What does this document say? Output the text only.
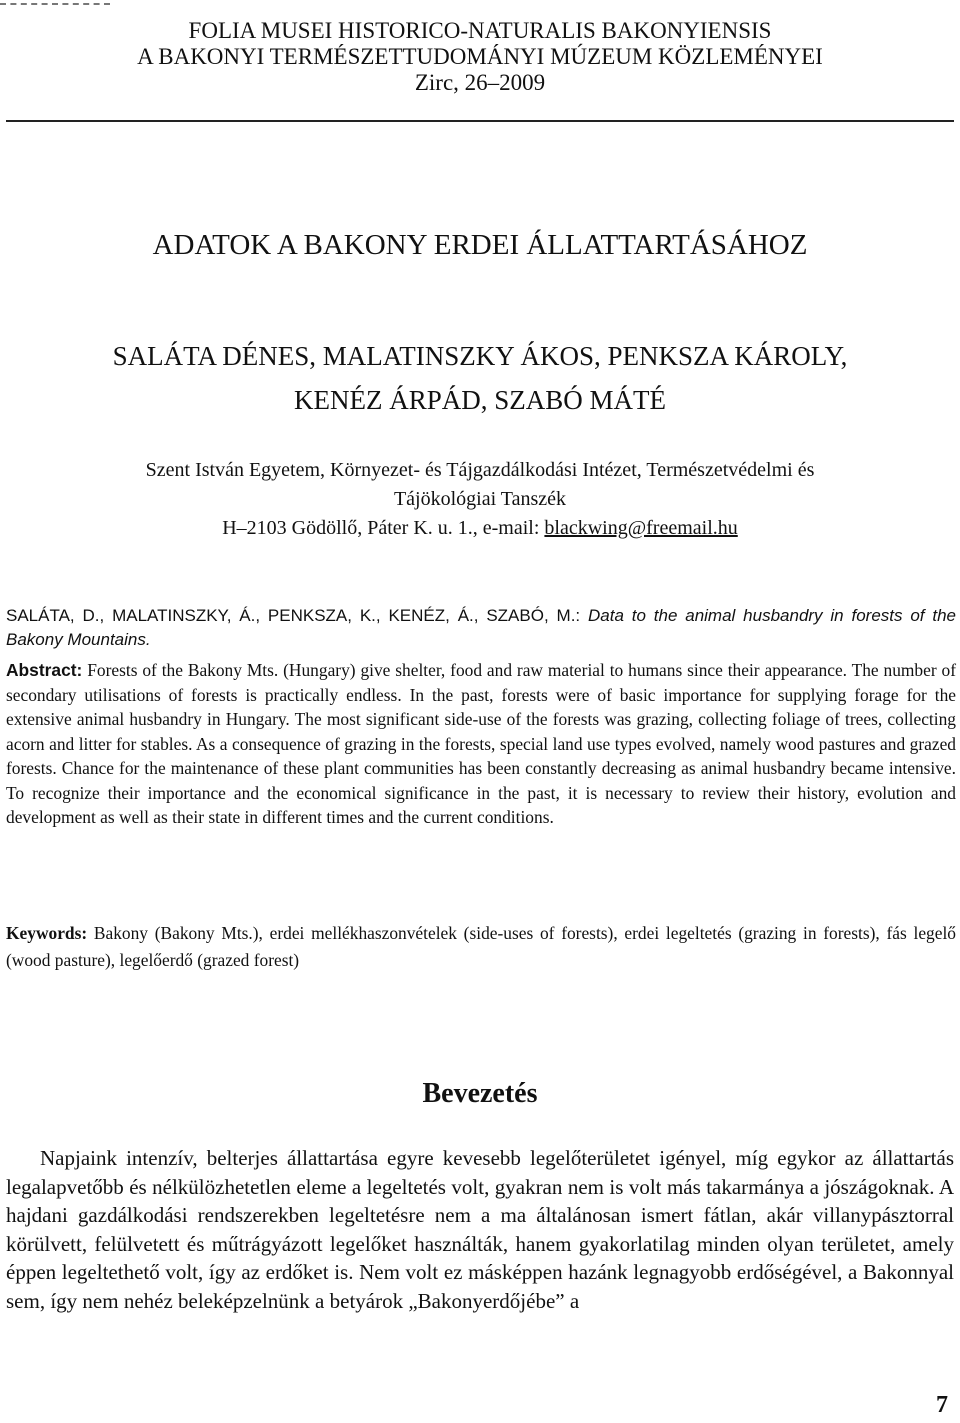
FOLIA MUSEI HISTORICO-NATURALIS BAKONYIENSIS
A BAKONYI TERMÉSZETTUDOMÁNYI MÚZEUM KÖZLEMÉNYEI
Zirc, 26–2009
ADATOK A BAKONY ERDEI ÁLLATTARTÁSÁHOZ
SALÁTA DÉNES, MALATINSZKY ÁKOS, PENKSZA KÁROLY,
KENÉZ ÁRPÁD, SZABÓ MÁTÉ
Szent István Egyetem, Környezet- és Tájgazdálkodási Intézet, Természetvédelmi és
Tájökológiai Tanszék
H–2103 Gödöllő, Páter K. u. 1., e-mail: blackwing@freemail.hu
SALÁTA, D., MALATINSZKY, Á., PENKSZA, K., KENÉZ, Á., SZABÓ, M.: Data to the animal husbandry in forests of the Bakony Mountains.
Abstract: Forests of the Bakony Mts. (Hungary) give shelter, food and raw material to humans since their appearance. The number of secondary utilisations of forests is practically endless. In the past, forests were of basic importance for supplying forage for the extensive animal husbandry in Hungary. The most significant side-use of the forests was grazing, collecting foliage of trees, collecting acorn and litter for stables. As a consequence of grazing in the forests, special land use types evolved, namely wood pastures and grazed forests. Chance for the maintenance of these plant communities has been constantly decreasing as animal husbandry became intensive. To recognize their importance and the economical significance in the past, it is necessary to review their history, evolution and development as well as their state in different times and the current conditions.
Keywords: Bakony (Bakony Mts.), erdei mellékhaszonvételek (side-uses of forests), erdei legeltetés (grazing in forests), fás legelő (wood pasture), legelőerdő (grazed forest)
Bevezetés
Napjaink intenzív, belterjes állattartása egyre kevesebb legelőterületet igényel, míg egykor az állattartás legalapvetőbb és nélkülözhetetlen eleme a legeltetés volt, gyakran nem is volt más takarmánya a jószágoknak. A hajdani gazdálkodási rendszerekben legeltetésre nem a ma általánosan ismert fátlan, akár villanypásztorral körülvett, felülvetett és műtrágyázott legelőket használták, hanem gyakorlatilag minden olyan területet, amely éppen legeltethető volt, így az erdőket is. Nem volt ez másképpen hazánk legnagyobb erdőségével, a Bakonnyal sem, így nem nehéz beleképzelnünk a betyárok „Bakonyerdőjébe” a
7
